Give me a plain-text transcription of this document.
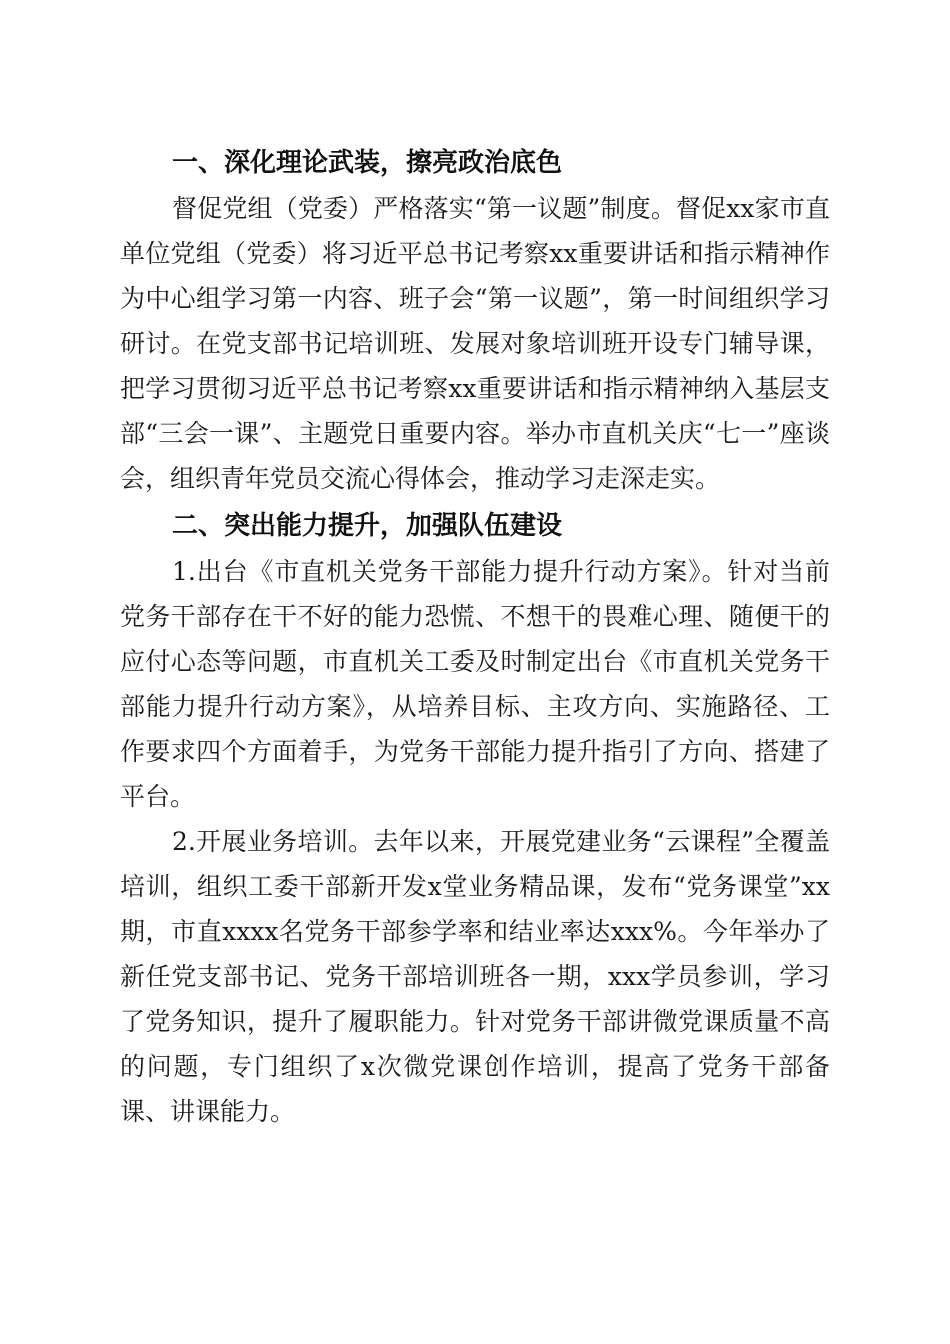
一、深化理论武装，擦亮政治底色

督促党组（党委）严格落实“第一议题”制度。督促xx家市直单位党组（党委）将习近平总书记考察xx重要讲话和指示精神作为中心组学习第一内容、班子会“第一议题”，第一时间组织学习研讨。在党支部书记培训班、发展对象培训班开设专门辅导课，把学习贯彻习近平总书记考察xx重要讲话和指示精神纳入基层支部“三会一课”、主题党日重要内容。举办市直机关庆“七一”座谈会，组织青年党员交流心得体会，推动学习走深走实。

二、突出能力提升，加强队伍建设

1.出台《市直机关党务干部能力提升行动方案》。针对当前党务干部存在干不好的能力恐慌、不想干的畏难心理、随便干的应付心态等问题，市直机关工委及时制定出台《市直机关党务干部能力提升行动方案》，从培养目标、主攻方向、实施路径、工作要求四个方面着手，为党务干部能力提升指引了方向、搭建了平台。

2.开展业务培训。去年以来，开展党建业务“云课程”全覆盖培训，组织工委干部新开发x堂业务精品课，发布“党务课堂”xx期，市直xxxx名党务干部参学率和结业率达xxx%。今年举办了新任党支部书记、党务干部培训班各一期，xxx学员参训，学习了党务知识，提升了履职能力。针对党务干部讲微党课质量不高的问题，专门组织了x次微党课创作培训，提高了党务干部备课、讲课能力。
